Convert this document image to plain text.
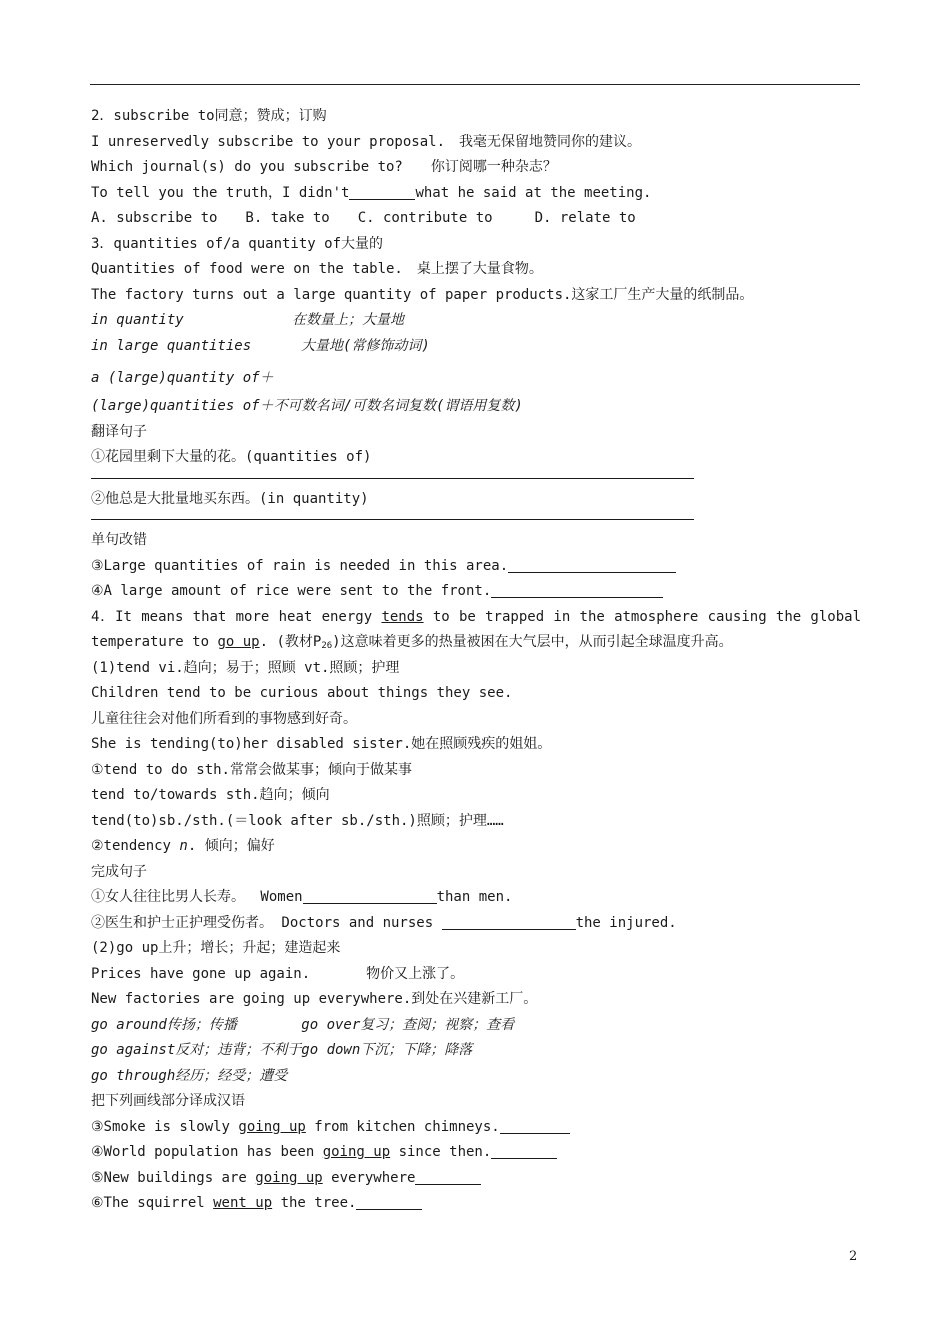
2．subscribe to同意；赞成；订购
I unreservedly subscribe to your proposal.　我毫无保留地赞同你的建议。
Which journal(s) do you subscribe to?　　你订阅哪一种杂志？
To tell you the truth，I didn't	what he said at the meeting.
A. subscribe to　　B. take to　　C. contribute to　　　D. relate to
3．quantities of/a quantity of大量的
Quantities of food were on the table.　桌上摆了大量食物。
The factory turns out a large quantity of paper products.这家工厂生产大量的纸制品。
in quantity	在数量上；大量地
in large quantities	大量地(常修饰动词)
a (large)quantity of＋
(large)quantities of＋不可数名词/可数名词复数(谓语用复数)
翻译句子
①花园里剩下大量的花。(quantities of)
②他总是大批量地买东西。(in quantity)
单句改错
③Large quantities of rain is needed in this area.
④A large amount of rice were sent to the front.
4．It means that more heat energy tends to be trapped in the atmosphere causing the global
temperature to go up. (教材$P_{26}$)这意味着更多的热量被困在大气层中，从而引起全球温度升高。
(1)tend vi.趋向；易于；照顾 vt.照顾；护理
Children tend to be curious about things they see.
儿童往往会对他们所看到的事物感到好奇。
She is tending(to)her disabled sister.她在照顾残疾的姐姐。
①tend to do sth.常常会做某事；倾向于做某事
tend to/towards sth.趋向；倾向
tend(to)sb./sth.(＝look after sb./sth.)照顾；护理……
②tendency n. 倾向；偏好
完成句子
①女人往往比男人长寿。　 Women	than men.
②医生和护士正护理受伤者。 Doctors and nurses	the injured.
(2)go up上升；增长；升起；建造起来
Prices have gone up again.　　　　物价又上涨了。
New factories are going up everywhere.到处在兴建新工厂。
go around传扬；传播　　　　 go over复习；查阅；视察；查看
go against反对；违背；不利于go down下沉；下降；降落
go through经历；经受；遭受
把下列画线部分译成汉语
③Smoke is slowly going up from kitchen chimneys.
④World population has been going up since then.
⑤New buildings are going up everywhere
⑥The squirrel went up the tree.
2
